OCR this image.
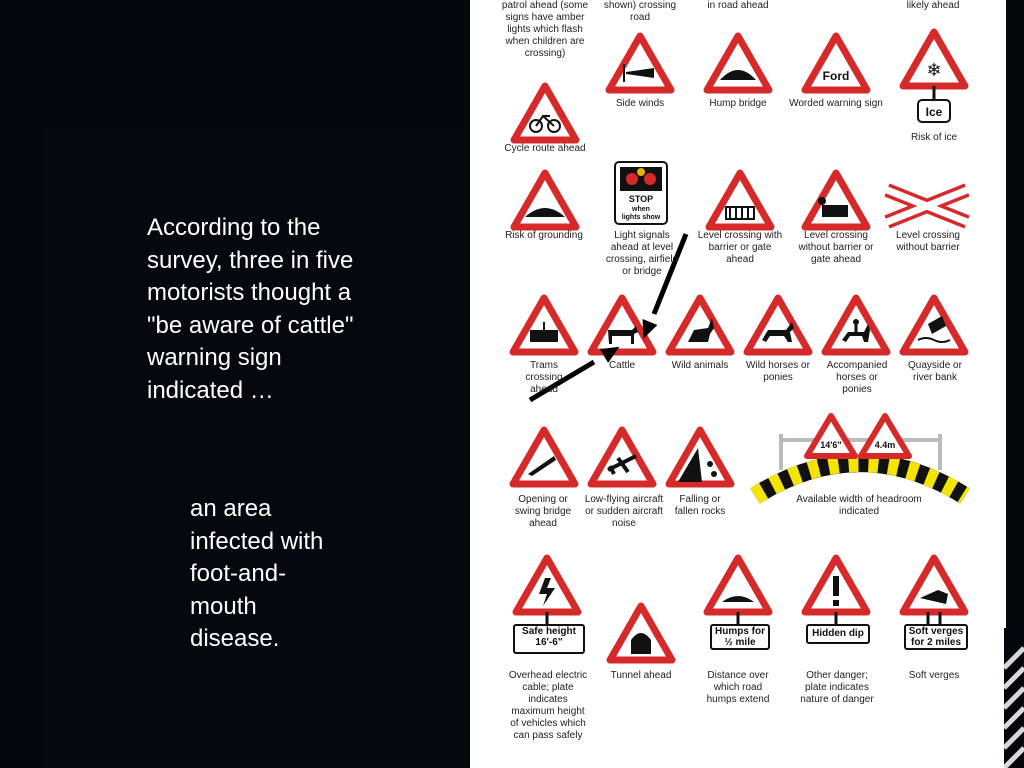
According to the survey, three in five motorists thought a "be aware of cattle" warning sign indicated …
an area infected with foot-and-mouth disease.
Ford	❄
Ice
STOP
when
lights show
14'6"	4.4m
patrol ahead (some signs have amber lights which flash when children are crossing)
shown) crossing road
in road ahead	likely ahead
Side winds	Hump bridge	Worded warning sign
Risk of ice
Cycle route ahead
Risk of grounding	Light signals ahead at level crossing, airfield or bridge
Level crossing with barrier or gate ahead
Level crossing without barrier or gate ahead
Level crossing without barrier
Trams crossing ahead
Cattle	Wild animals	Wild horses or ponies
Accompanied horses or ponies
Quayside or river bank
Opening or swing bridge ahead
Low-flying aircraft or sudden aircraft noise
Falling or fallen rocks
Available width of headroom indicated
Safe height
16'-6"
Humps for
½ mile
Hidden dip	Soft verges
for 2 miles
Overhead electric cable; plate indicates maximum height of vehicles which can pass safely
Tunnel ahead	Distance over which road humps extend
Other danger; plate indicates nature of danger
Soft verges
